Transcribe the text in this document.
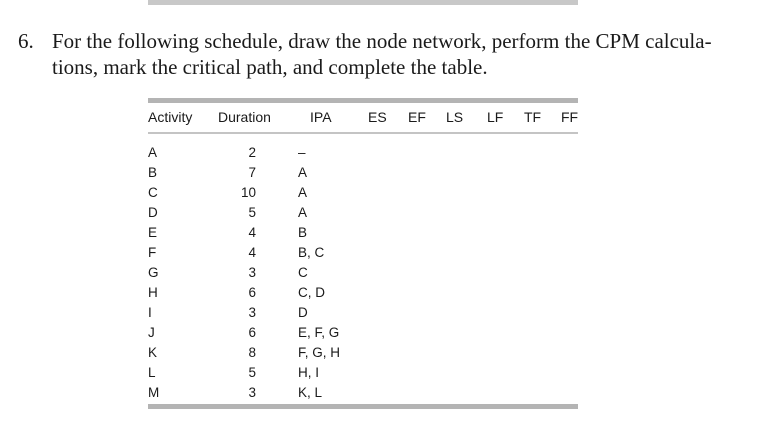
6. For the following schedule, draw the node network, perform the CPM calcula-
tions, mark the critical path, and complete the table.
Activity Duration	IPA	ES EF LS LF TF FF
A
B
C
D
E
F
G
H
I
J
K
L
M
2
7
10
5
4
4
3
6
3
6
8
5
3
–
A
A
A
B
B, C
C
C, D
D
E, F, G
F, G, H
H, I
K, L
